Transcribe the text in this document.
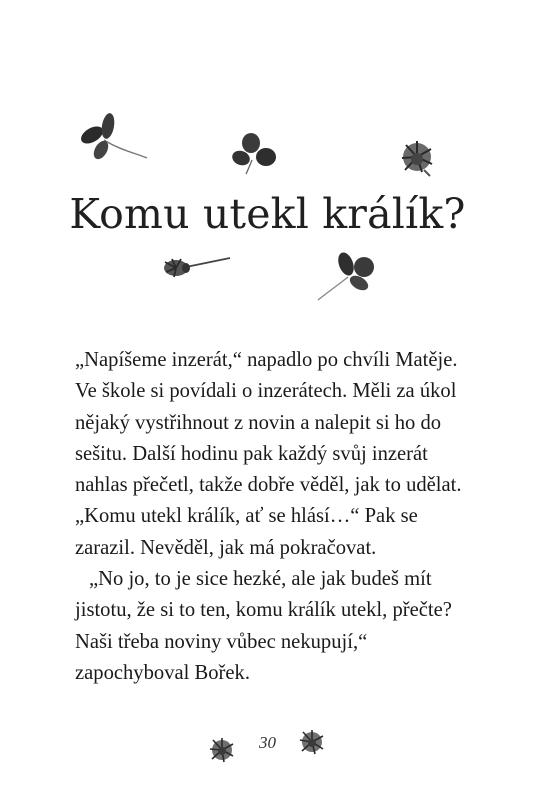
Komu utekl králík?

„Napíšeme inzerát,“ napadlo po chvíli Matěje.
Ve škole si povídali o inzerátech. Měli za úkol
nějaký vystřihnout z novin a nalepit si ho do
sešitu. Další hodinu pak každý svůj inzerát
nahlas přečetl, takže dobře věděl, jak to udělat.
„Komu utekl králík, ať se hlásí…“ Pak se
zarazil. Nevěděl, jak má pokračovat.

„No jo, to je sice hezké, ale jak budeš mít
jistotu, že si to ten, komu králík utekl, přečte?
Naši třeba noviny vůbec nekupují,“
zapochyboval Bořek.

30
